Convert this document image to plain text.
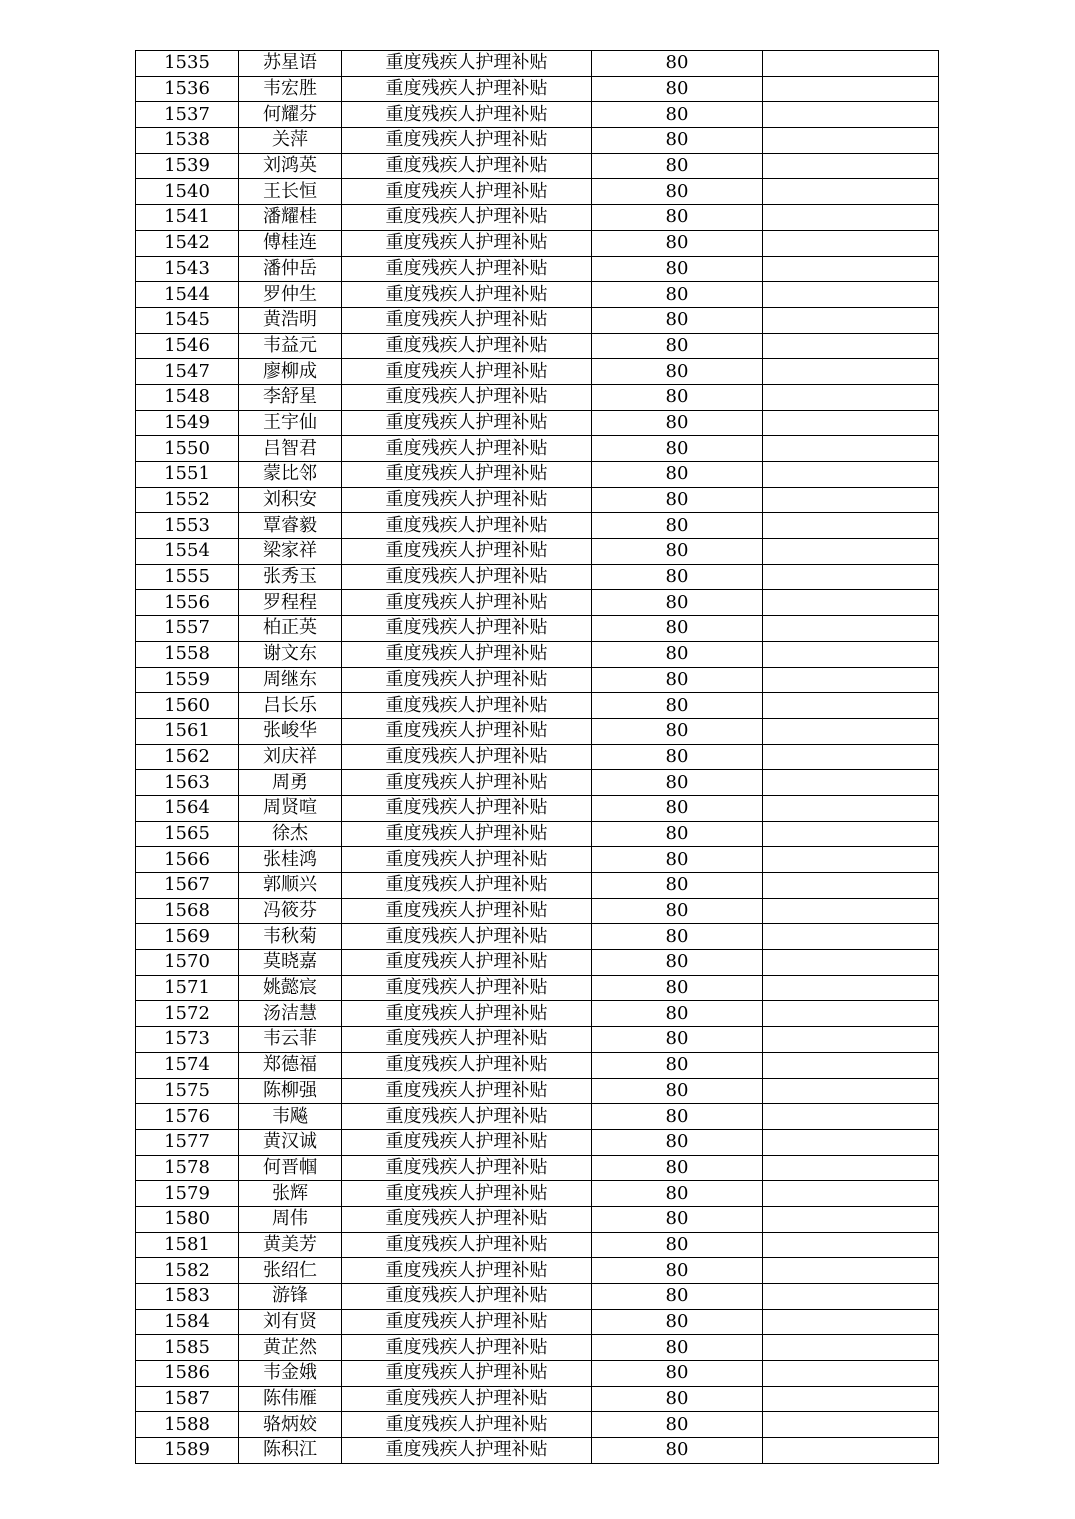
1535	苏星语	重度残疾人护理补贴	80	
1536	韦宏胜	重度残疾人护理补贴	80	
1537	何耀芬	重度残疾人护理补贴	80	
1538	关萍	重度残疾人护理补贴	80	
1539	刘鸿英	重度残疾人护理补贴	80	
1540	王长恒	重度残疾人护理补贴	80	
1541	潘耀桂	重度残疾人护理补贴	80	
1542	傅桂连	重度残疾人护理补贴	80	
1543	潘仲岳	重度残疾人护理补贴	80	
1544	罗仲生	重度残疾人护理补贴	80	
1545	黄浩明	重度残疾人护理补贴	80	
1546	韦益元	重度残疾人护理补贴	80	
1547	廖柳成	重度残疾人护理补贴	80	
1548	李舒星	重度残疾人护理补贴	80	
1549	王宇仙	重度残疾人护理补贴	80	
1550	吕智君	重度残疾人护理补贴	80	
1551	蒙比邻	重度残疾人护理补贴	80	
1552	刘积安	重度残疾人护理补贴	80	
1553	覃睿毅	重度残疾人护理补贴	80	
1554	梁家祥	重度残疾人护理补贴	80	
1555	张秀玉	重度残疾人护理补贴	80	
1556	罗程程	重度残疾人护理补贴	80	
1557	柏正英	重度残疾人护理补贴	80	
1558	谢文东	重度残疾人护理补贴	80	
1559	周继东	重度残疾人护理补贴	80	
1560	吕长乐	重度残疾人护理补贴	80	
1561	张峻华	重度残疾人护理补贴	80	
1562	刘庆祥	重度残疾人护理补贴	80	
1563	周勇	重度残疾人护理补贴	80	
1564	周贤喧	重度残疾人护理补贴	80	
1565	徐杰	重度残疾人护理补贴	80	
1566	张桂鸿	重度残疾人护理补贴	80	
1567	郭顺兴	重度残疾人护理补贴	80	
1568	冯筱芬	重度残疾人护理补贴	80	
1569	韦秋菊	重度残疾人护理补贴	80	
1570	莫晓嘉	重度残疾人护理补贴	80	
1571	姚懿宸	重度残疾人护理补贴	80	
1572	汤洁慧	重度残疾人护理补贴	80	
1573	韦云菲	重度残疾人护理补贴	80	
1574	郑德福	重度残疾人护理补贴	80	
1575	陈柳强	重度残疾人护理补贴	80	
1576	韦飚	重度残疾人护理补贴	80	
1577	黄汉诚	重度残疾人护理补贴	80	
1578	何晋帼	重度残疾人护理补贴	80	
1579	张辉	重度残疾人护理补贴	80	
1580	周伟	重度残疾人护理补贴	80	
1581	黄美芳	重度残疾人护理补贴	80	
1582	张绍仁	重度残疾人护理补贴	80	
1583	游锋	重度残疾人护理补贴	80	
1584	刘有贤	重度残疾人护理补贴	80	
1585	黄芷然	重度残疾人护理补贴	80	
1586	韦金娥	重度残疾人护理补贴	80	
1587	陈伟雁	重度残疾人护理补贴	80	
1588	骆炳姣	重度残疾人护理补贴	80	
1589	陈积江	重度残疾人护理补贴	80	
